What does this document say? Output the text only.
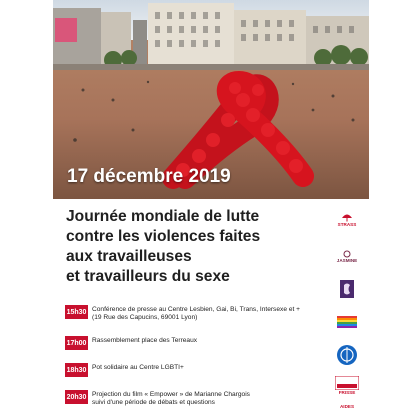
17 décembre 2019
Journée mondiale de lutte
contre les violences faites
aux travailleuses
et travailleurs du sexe
15h30 Conférence de presse au Centre Lesbien, Gai, Bi, Trans, Intersexe et +
(19 Rue des Capucins, 69001 Lyon)
17h00 Rassemblement place des Terreaux
18h30 Pot solidaire au Centre LGBTI+
20h30 Projection du film « Empower » de Marianne Chargois
suivi d'une période de débats et questions
STRASS
JASMINE
FRISSE
AIDES
